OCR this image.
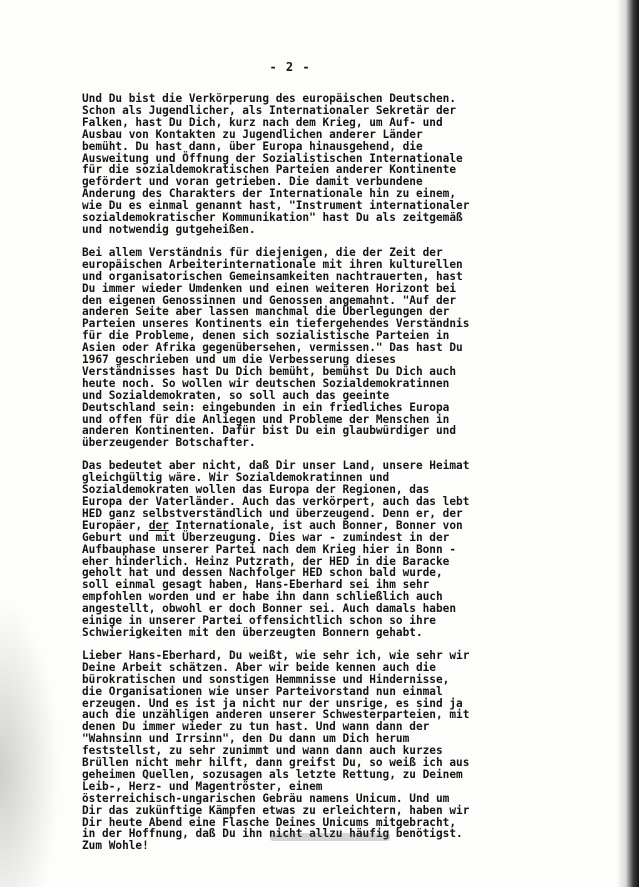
- 2 -
Und Du bist die Verkörperung des europäischen Deutschen.
Schon als Jugendlicher, als Internationaler Sekretär der
Falken, hast Du Dich, kurz nach dem Krieg, um Auf- und
Ausbau von Kontakten zu Jugendlichen anderer Länder
bemüht. Du hast dann, über Europa hinausgehend, die
Ausweitung und Öffnung der Sozialistischen Internationale
für die sozialdemokratischen Parteien anderer Kontinente
gefördert und voran getrieben. Die damit verbundene
Änderung des Charakters der Internationale hin zu einem,
wie Du es einmal genannt hast, "Instrument internationaler
sozialdemokratischer Kommunikation" hast Du als zeitgemäß
und notwendig gutgeheißen.
Bei allem Verständnis für diejenigen, die der Zeit der
europäischen Arbeiterinternationale mit ihren kulturellen
und organisatorischen Gemeinsamkeiten nachtrauerten, hast
Du immer wieder Umdenken und einen weiteren Horizont bei
den eigenen Genossinnen und Genossen angemahnt. "Auf der
anderen Seite aber lassen manchmal die Überlegungen der
Parteien unseres Kontinents ein tiefergehendes Verständnis
für die Probleme, denen sich sozialistische Parteien in
Asien oder Afrika gegenübersehen, vermissen." Das hast Du
1967 geschrieben und um die Verbesserung dieses
Verständnisses hast Du Dich bemüht, bemühst Du Dich auch
heute noch. So wollen wir deutschen Sozialdemokratinnen
und Sozialdemokraten, so soll auch das geeinte
Deutschland sein: eingebunden in ein friedliches Europa
und offen für die Anliegen und Probleme der Menschen in
anderen Kontinenten. Dafür bist Du ein glaubwürdiger und
überzeugender Botschafter.
Das bedeutet aber nicht, daß Dir unser Land, unsere Heimat
gleichgültig wäre. Wir Sozialdemokratinnen und
Sozialdemokraten wollen das Europa der Regionen, das
Europa der Vaterländer. Auch das verkörpert, auch das lebt
HED ganz selbstverständlich und überzeugend. Denn er, der
Europäer, der Internationale, ist auch Bonner, Bonner von
Geburt und mit Überzeugung. Dies war - zumindest in der
Aufbauphase unserer Partei nach dem Krieg hier in Bonn -
eher hinderlich. Heinz Putzrath, der HED in die Baracke
geholt hat und dessen Nachfolger HED schon bald wurde,
soll einmal gesagt haben, Hans-Eberhard sei ihm sehr
empfohlen worden und er habe ihn dann schließlich auch
angestellt, obwohl er doch Bonner sei. Auch damals haben
einige in unserer Partei offensichtlich schon so ihre
Schwierigkeiten mit den überzeugten Bonnern gehabt.
Lieber Hans-Eberhard, Du weißt, wie sehr ich, wie sehr wir
Deine Arbeit schätzen. Aber wir beide kennen auch die
bürokratischen und sonstigen Hemmnisse und Hindernisse,
die Organisationen wie unser Parteivorstand nun einmal
erzeugen. Und es ist ja nicht nur der unsrige, es sind ja
auch die unzähligen anderen unserer Schwesterparteien, mit
denen Du immer wieder zu tun hast. Und wann dann der
"Wahnsinn und Irrsinn", den Du dann um Dich herum
feststellst, zu sehr zunimmt und wann dann auch kurzes
Brüllen nicht mehr hilft, dann greifst Du, so weiß ich aus
geheimen Quellen, sozusagen als letzte Rettung, zu Deinem
Leib-, Herz- und Magentröster, einem
österreichisch-ungarischen Gebräu namens Unicum. Und um
Dir das zukünftige Kämpfen etwas zu erleichtern, haben wir
Dir heute Abend eine Flasche Deines Unicums mitgebracht,
in der Hoffnung, daß Du ihn nicht allzu häufig benötigst.
Zum Wohle!
